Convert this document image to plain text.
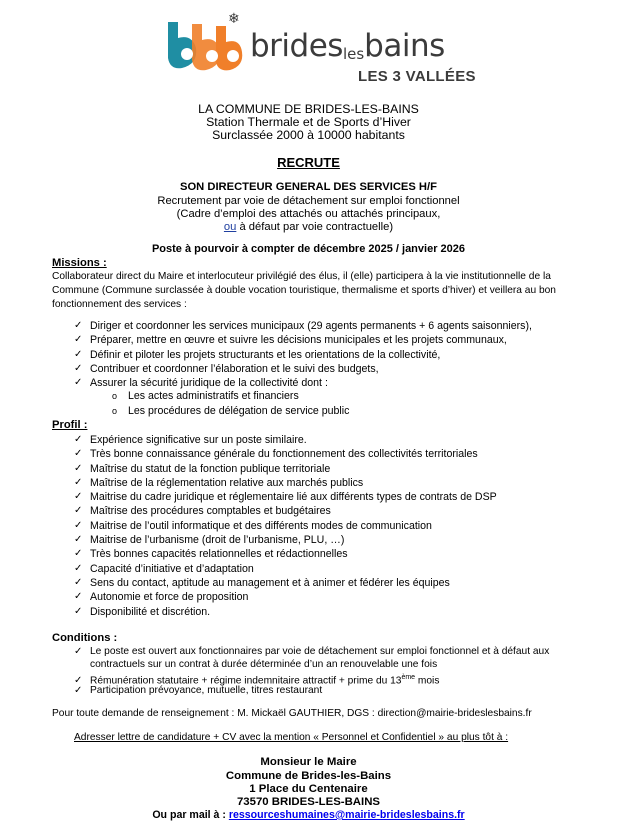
❄
brideslesbains
LES 3 VALLÉES
LA COMMUNE DE BRIDES-LES-BAINS
Station Thermale et de Sports d’Hiver
Surclassée 2000 à 10000 habitants
RECRUTE
SON DIRECTEUR GENERAL DES SERVICES H/F
Recrutement par voie de détachement sur emploi fonctionnel
(Cadre d’emploi des attachés ou attachés principaux,
ou à défaut par voie contractuelle)
Poste à pourvoir à compter de décembre 2025 / janvier 2026
Missions :
Collaborateur direct du Maire et interlocuteur privilégié des élus, il (elle) participera à la vie institutionnelle de la Commune (Commune surclassée à double vocation touristique, thermalisme et sports d’hiver) et veillera au bon fonctionnement des services :
✓ Diriger et coordonner les services municipaux (29 agents permanents + 6 agents saisonniers),
✓ Préparer, mettre en œuvre et suivre les décisions municipales et les projets communaux,
✓ Définir et piloter les projets structurants et les orientations de la collectivité,
✓ Contribuer et coordonner l’élaboration et le suivi des budgets,
✓ Assurer la sécurité juridique de la collectivité dont :
o Les actes administratifs et financiers
o Les procédures de délégation de service public
Profil :
✓ Expérience significative sur un poste similaire.
✓ Très bonne connaissance générale du fonctionnement des collectivités territoriales
✓ Maîtrise du statut de la fonction publique territoriale
✓ Maîtrise de la réglementation relative aux marchés publics
✓ Maitrise du cadre juridique et réglementaire lié aux différents types de contrats de DSP
✓ Maîtrise des procédures comptables et budgétaires
✓ Maitrise de l’outil informatique et des différents modes de communication
✓ Maitrise de l’urbanisme (droit de l’urbanisme, PLU, …)
✓ Très bonnes capacités relationnelles et rédactionnelles
✓ Capacité d’initiative et d’adaptation
✓ Sens du contact, aptitude au management et à animer et fédérer les équipes
✓ Autonomie et force de proposition
✓ Disponibilité et discrétion.
Conditions :
✓ Le poste est ouvert aux fonctionnaires par voie de détachement sur emploi fonctionnel et à défaut aux
contractuels sur un contrat à durée déterminée d’un an renouvelable une fois
✓ Rémunération statutaire + régime indemnitaire attractif + prime du 13ème mois
✓ Participation prévoyance, mutuelle, titres restaurant
Pour toute demande de renseignement : M. Mickaël GAUTHIER, DGS : direction@mairie-brideslesbains.fr
Adresser lettre de candidature + CV avec la mention « Personnel et Confidentiel » au plus tôt à :
Monsieur le Maire
Commune de Brides-les-Bains
1 Place du Centenaire
73570 BRIDES-LES-BAINS
Ou par mail à : ressourceshumaines@mairie-brideslesbains.fr
